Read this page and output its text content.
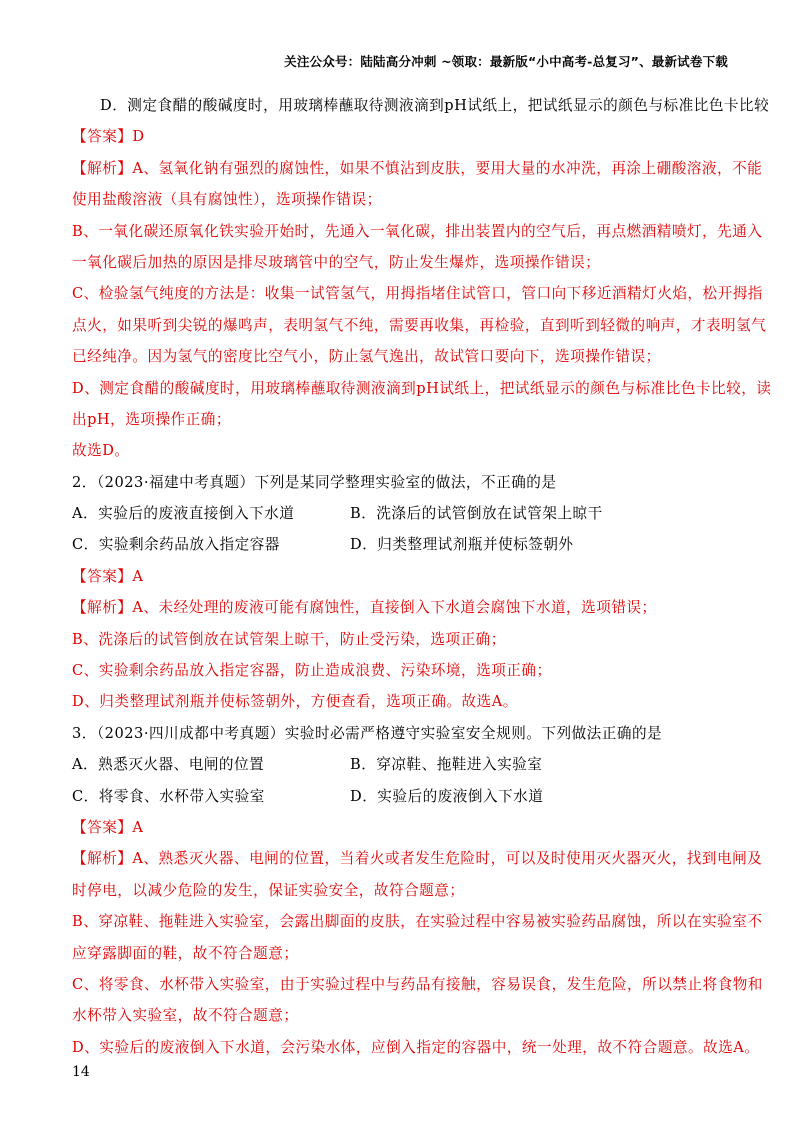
关注公众号：陆陆高分冲刺 ~领取：最新版“小中高考-总复习”、最新试卷下载
D．测定食醋的酸碱度时，用玻璃棒蘸取待测液滴到pH试纸上，把试纸显示的颜色与标准比色卡比较
【答案】D
【解析】A、氢氧化钠有强烈的腐蚀性，如果不慎沾到皮肤，要用大量的水冲洗，再涂上硼酸溶液，不能
使用盐酸溶液（具有腐蚀性），选项操作错误；
B、一氧化碳还原氧化铁实验开始时，先通入一氧化碳，排出装置内的空气后，再点燃酒精喷灯，先通入
一氧化碳后加热的原因是排尽玻璃管中的空气，防止发生爆炸，选项操作错误；
C、检验氢气纯度的方法是：收集一试管氢气，用拇指堵住试管口，管口向下移近酒精灯火焰，松开拇指
点火，如果听到尖锐的爆鸣声，表明氢气不纯，需要再收集，再检验，直到听到轻微的响声，才表明氢气
已经纯净。因为氢气的密度比空气小，防止氢气逸出，故试管口要向下，选项操作错误；
D、测定食醋的酸碱度时，用玻璃棒蘸取待测液滴到pH试纸上，把试纸显示的颜色与标准比色卡比较，读
出pH，选项操作正确；
故选D。
2．（2023·福建中考真题）下列是某同学整理实验室的做法，不正确的是
A．实验后的废液直接倒入下水道	B．洗涤后的试管倒放在试管架上晾干
C．实验剩余药品放入指定容器	D．归类整理试剂瓶并使标签朝外
【答案】A
【解析】A、未经处理的废液可能有腐蚀性，直接倒入下水道会腐蚀下水道，选项错误；
B、洗涤后的试管倒放在试管架上晾干，防止受污染，选项正确；
C、实验剩余药品放入指定容器，防止造成浪费、污染环境，选项正确；
D、归类整理试剂瓶并使标签朝外，方便查看，选项正确。故选A。
3．（2023·四川成都中考真题）实验时必需严格遵守实验室安全规则。下列做法正确的是
A．熟悉灭火器、电闸的位置	B．穿凉鞋、拖鞋进入实验室
C．将零食、水杯带入实验室	D．实验后的废液倒入下水道
【答案】A
【解析】A、熟悉灭火器、电闸的位置，当着火或者发生危险时，可以及时使用灭火器灭火，找到电闸及
时停电，以减少危险的发生，保证实验安全，故符合题意；
B、穿凉鞋、拖鞋进入实验室，会露出脚面的皮肤，在实验过程中容易被实验药品腐蚀，所以在实验室不
应穿露脚面的鞋，故不符合题意；
C、将零食、水杯带入实验室，由于实验过程中与药品有接触，容易误食，发生危险，所以禁止将食物和
水杯带入实验室，故不符合题意；
D、实验后的废液倒入下水道，会污染水体，应倒入指定的容器中，统一处理，故不符合题意。故选A。
14
